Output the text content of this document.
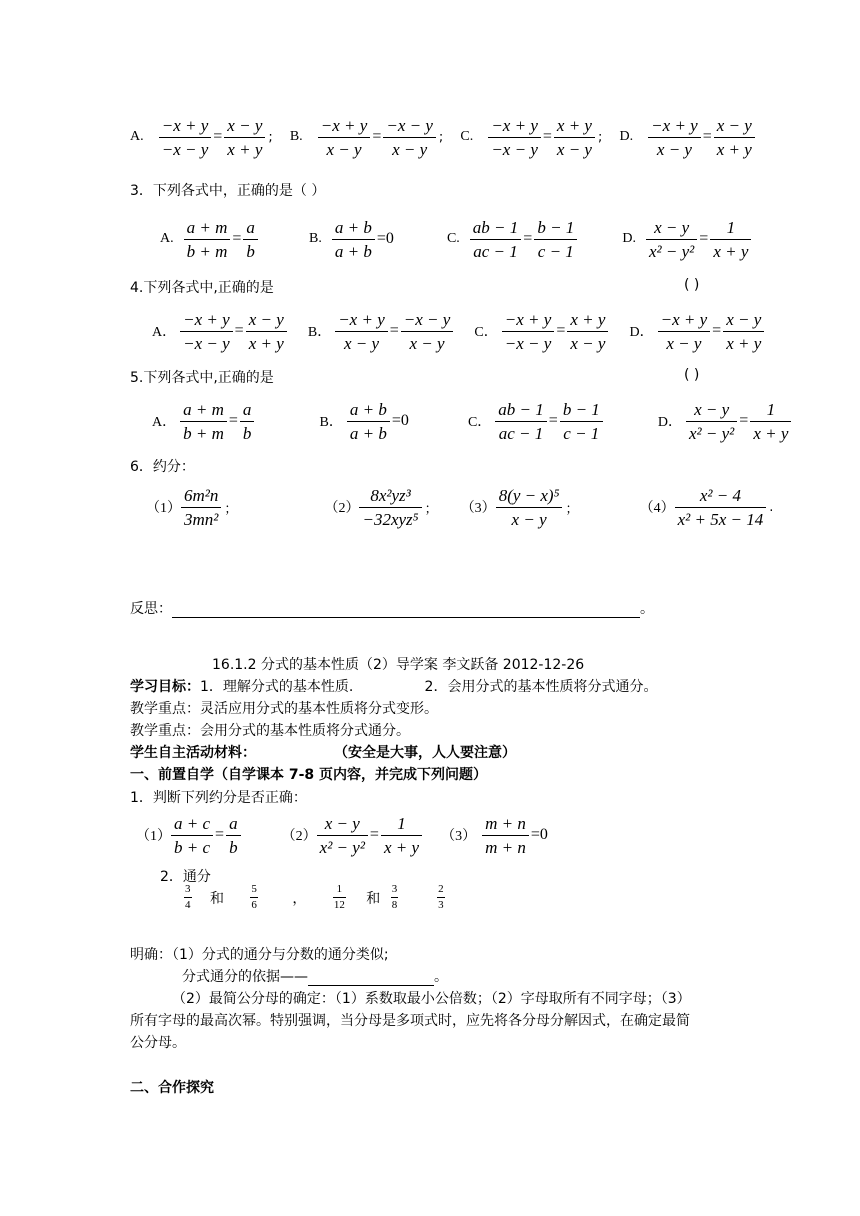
A. $\frac{-x + y}{-x - y} = \frac{x - y}{x + y}$ ; B. $\frac{-x + y}{x - y} = \frac{-x - y}{x - y}$ ; C. $\frac{-x + y}{-x - y} = \frac{x + y}{x - y}$ ; D. $\frac{-x + y}{x - y} = \frac{x - y}{x + y}$
3．下列各式中，正确的是（ ）
A. $\frac{a + m}{b + m} = \frac{a}{b}$	B. $\frac{a + b}{a + b} =0$	C. $\frac{ab - 1}{ac - 1} = \frac{b - 1}{c - 1}$	D. $\frac{x - y}{\text{x² − y²}} = \frac{1}{x + y}$
4.下列各式中,正确的是	( )
A． $\frac{-x + y}{-x - y} = \frac{x - y}{x + y}$ B． $\frac{-x + y}{x - y} = \frac{-x - y}{x - y}$ C． $\frac{-x + y}{-x - y} = \frac{x + y}{x - y}$ D． $\frac{-x + y}{x - y} = \frac{x - y}{x + y}$
5.下列各式中,正确的是	( )
A． $\frac{a + m}{b + m} = \frac{a}{b}$	B． $\frac{a + b}{a + b} =0$	C． $\frac{ab - 1}{ac - 1} = \frac{b - 1}{c - 1}$	D． $\frac{x - y}{\text{x² − y²}} = \frac{1}{x + y}$
6．约分：
$(1) \frac{\text{6m²n}}{\text{3mn²}}$ ；	$(2) \frac{\text{8x²yz³}}{\text{−32xyz⁵}}$ ； $(3) \frac{\text{8(y − x)⁵}}{x - y}$ ；	$(4) \frac{\text{x² − 4}}{\text{x² + 5x − 14}}$ .
反思：	。
16.1.2 分式的基本性质（2）导学案 李文跃备 2012-12-26
学习目标：1．理解分式的基本性质.                2．会用分式的基本性质将分式通分。
教学重点：灵活应用分式的基本性质将分式变形。
教学重点：会用分式的基本性质将分式通分。
学生自主活动材料：                （安全是大事，人人要注意）
一、前置自学（自学课本 7-8 页内容，并完成下列问题）
1．判断下列约分是否正确：
$(1) \frac{a + c}{b + c} = \frac{a}{b}$	$(2) \frac{x - y}{\text{x² − y²}} = \frac{1}{x + y} (3) \frac{m + n}{m + n} =0$
2．通分
$\frac{3}{4}$ 和 $\frac{5}{6}$ ， $\frac{1}{12}$ 和 $\frac{3}{8}$
	$\frac{2}{3}$
明确：（1）分式的通分与分数的通分类似;
分式通分的依据——	。
（2）最简公分母的确定：（1）系数取最小公倍数；（2）字母取所有不同字母；（3）
所有字母的最高次幂。特别强调，当分母是多项式时，应先将各分母分解因式，在确定最简
公分母。
二、合作探究
